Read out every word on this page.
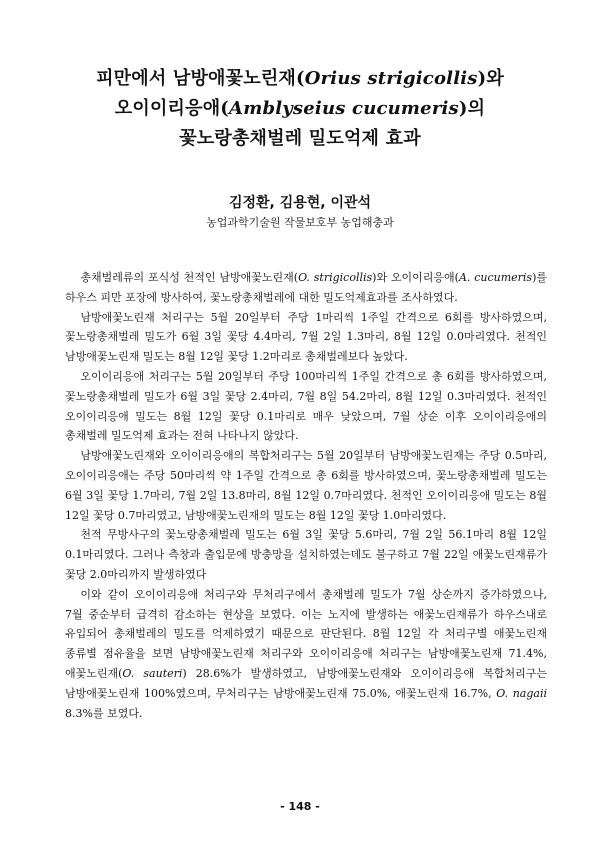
피만에서 남방애꽃노린재(Orius strigicollis)와

오이이리응애(Amblyseius cucumeris)의

꽃노랑총채벌레 밀도억제 효과

김정환, 김용현, 이관석
농업과학기술원 작물보호부 농업해충과

총채벌레류의 포식성 천적인 남방애꽃노린재(O. strigicollis)와 오이이리응애(A. cucumeris)를 하우스 피만 포장에 방사하여, 꽃노랑총채벌레에 대한 밀도억제효과를 조사하였다.

남방애꽃노린재 처리구는 5월 20일부터 주당 1마리씩 1주일 간격으로 6회를 방사하였으며, 꽃노랑총채벌레 밀도가 6월 3일 꽃당 4.4마리, 7월 2일 1.3마리, 8월 12일 0.0마리였다. 천적인 남방애꽃노린재 밀도는 8월 12일 꽃당 1.2마리로 총채벌레보다 높았다.

오이이리응애 처리구는 5월 20일부터 주당 100마리씩 1주일 간격으로 총 6회를 방사하였으며, 꽃노랑총채벌레 밀도가 6월 3일 꽃당 2.4마리, 7월 8일 54.2마리, 8월 12일 0.3마리였다. 천적인 오이이리응애 밀도는 8월 12일 꽃당 0.1마리로 매우 낮았으며, 7월 상순 이후 오이이리응애의 총채벌레 밀도억제 효과는 전혀 나타나지 않았다.

남방애꽃노린재와 오이이리응애의 복합처리구는 5월 20일부터 남방애꽃노린재는 주당 0.5마리, 오이이리응애는 주당 50마리씩 약 1주일 간격으로 총 6회를 방사하였으며, 꽃노랑총채벌레 밀도는 6월 3일 꽃당 1.7마리, 7월 2일 13.8마리, 8월 12일 0.7마리였다. 천적인 오이이리응애 밀도는 8월 12일 꽃당 0.7마리였고, 남방애꽃노린재의 밀도는 8월 12일 꽃당 1.0마리였다.

천적 무방사구의 꽃노랑총채벌레 밀도는 6월 3일 꽃당 5.6마리, 7월 2일 56.1마리 8월 12일 0.1마리였다. 그러나 측창과 출입문에 방충망을 설치하였는데도 불구하고 7월 22일 애꽃노린재류가 꽃당 2.0마리까지 발생하였다

이와 같이 오이이리응애 처리구와 무처리구에서 총채벌레 밀도가 7월 상순까지 증가하였으나, 7월 중순부터 급격히 감소하는 현상을 보였다. 이는 노지에 발생하는 애꽃노린재류가 하우스내로 유입되어 총채벌레의 밀도를 억제하였기 때문으로 판단된다. 8월 12일 각 처리구별 애꽃노린재 종류별 점유율을 보면 남방애꽃노린재 처리구와 오이이리응애 처리구는 남방애꽃노린재 71.4%, 애꽃노린재(O. sauteri) 28.6%가 발생하였고, 남방애꽃노린재와 오이이리응애 복합처리구는 남방애꽃노린재 100%였으며, 무처리구는 남방애꽃노린재 75.0%, 애꽃노린재 16.7%, O. nagaii 8.3%를 보였다.

- 148 -
